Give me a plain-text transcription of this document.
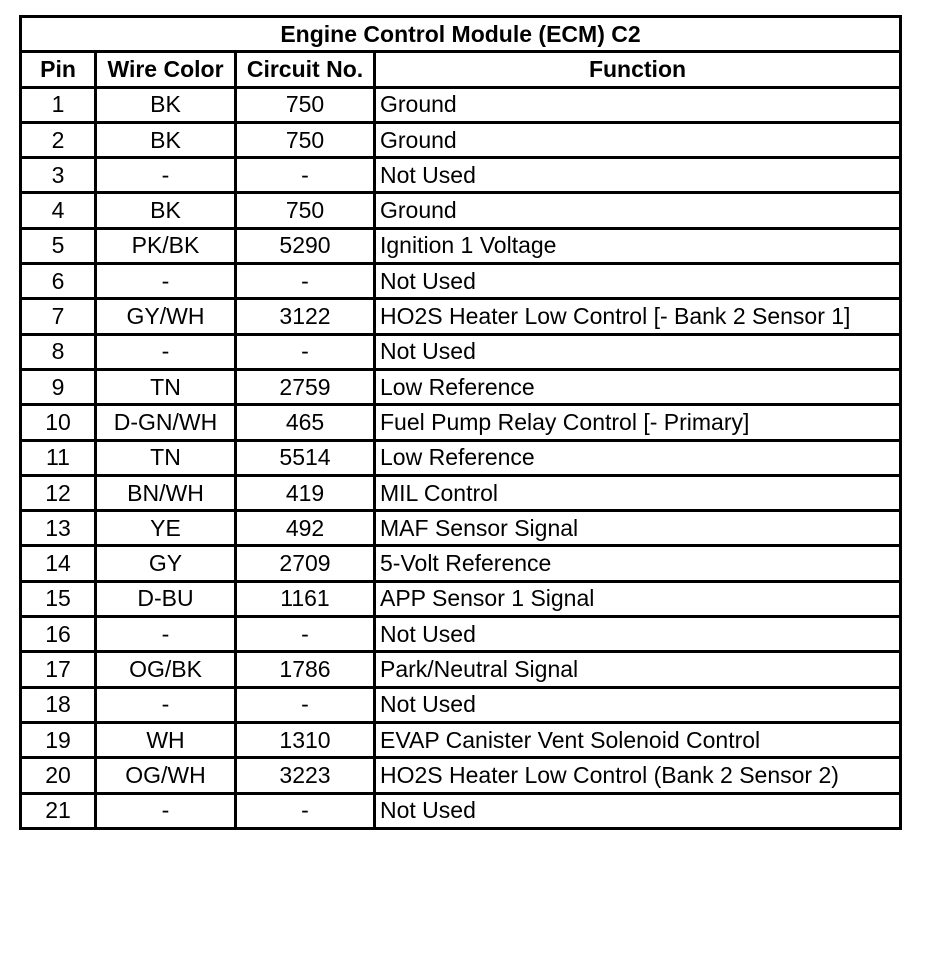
Engine Control Module (ECM) C2			
Pin	Wire Color	Circuit No.	Function
1	BK	750	Ground
2	BK	750	Ground
3	-	-	Not Used
4	BK	750	Ground
5	PK/BK	5290	Ignition 1 Voltage
6	-	-	Not Used
7	GY/WH	3122	HO2S Heater Low Control [- Bank 2 Sensor 1]
8	-	-	Not Used
9	TN	2759	Low Reference
10	D-GN/WH	465	Fuel Pump Relay Control [- Primary]
11	TN	5514	Low Reference
12	BN/WH	419	MIL Control
13	YE	492	MAF Sensor Signal
14	GY	2709	5-Volt Reference
15	D-BU	1161	APP Sensor 1 Signal
16	-	-	Not Used
17	OG/BK	1786	Park/Neutral Signal
18	-	-	Not Used
19	WH	1310	EVAP Canister Vent Solenoid Control
20	OG/WH	3223	HO2S Heater Low Control (Bank 2 Sensor 2)
21	-	-	Not Used
